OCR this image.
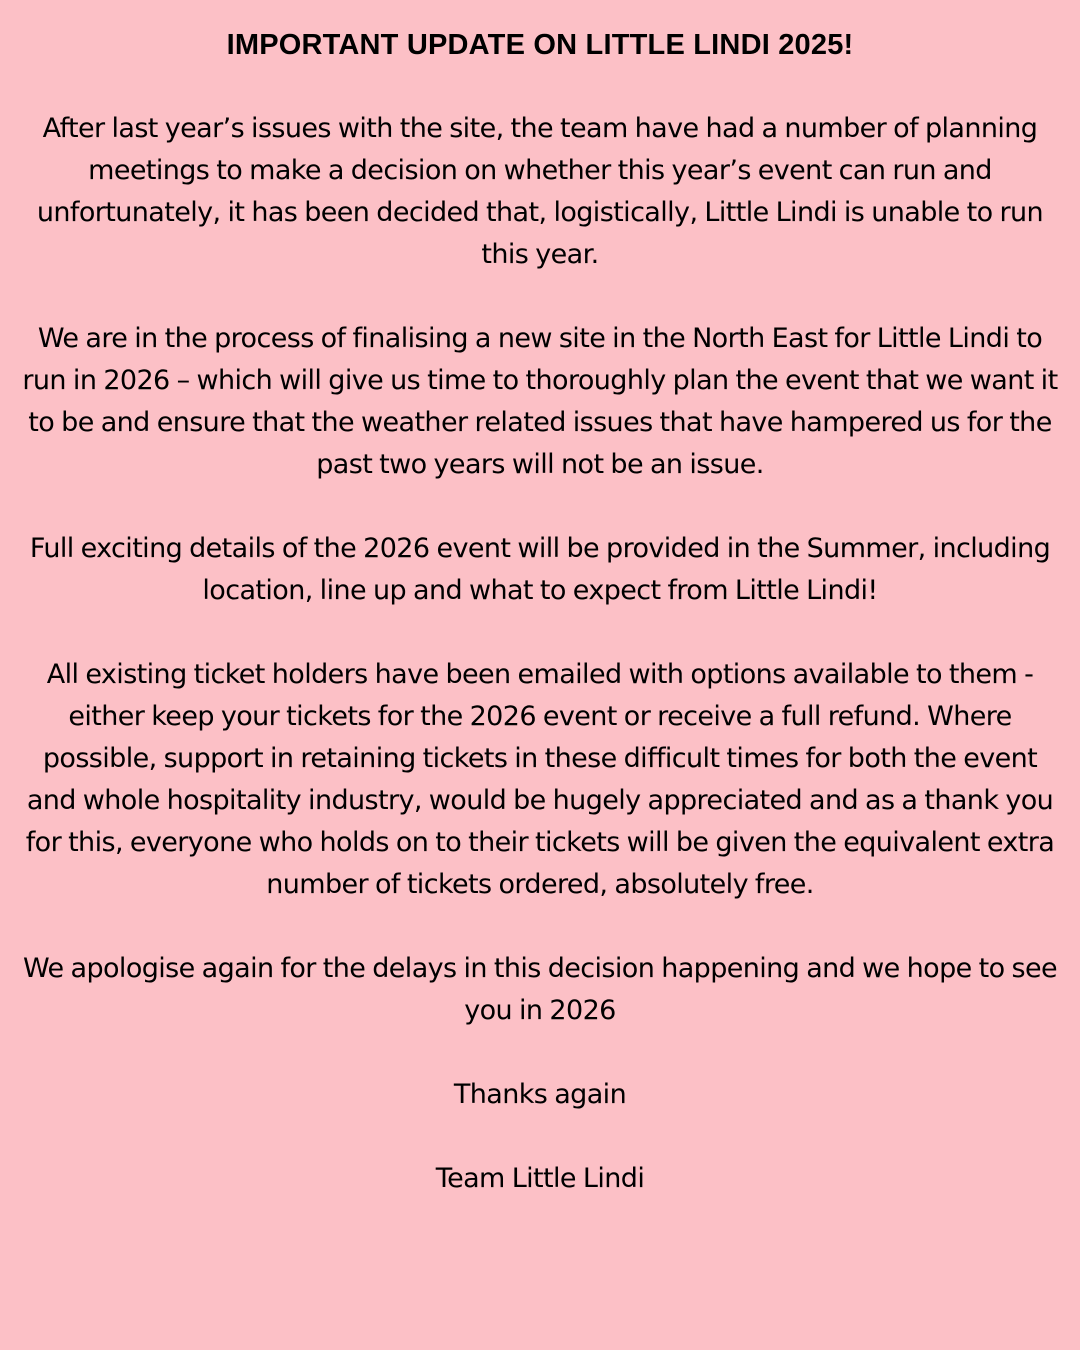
IMPORTANT UPDATE ON LITTLE LINDI 2025!

After last year’s issues with the site, the team have had a number of planning meetings to make a decision on whether this year’s event can run and unfortunately, it has been decided that, logistically, Little Lindi is unable to run this year.

We are in the process of finalising a new site in the North East for Little Lindi to run in 2026 – which will give us time to thoroughly plan the event that we want it to be and ensure that the weather related issues that have hampered us for the past two years will not be an issue.

Full exciting details of the 2026 event will be provided in the Summer, including location, line up and what to expect from Little Lindi!

All existing ticket holders have been emailed with options available to them - either keep your tickets for the 2026 event or receive a full refund. Where possible, support in retaining tickets in these difficult times for both the event and whole hospitality industry, would be hugely appreciated and as a thank you for this, everyone who holds on to their tickets will be given the equivalent extra number of tickets ordered, absolutely free.

We apologise again for the delays in this decision happening and we hope to see you in 2026

Thanks again

Team Little Lindi
